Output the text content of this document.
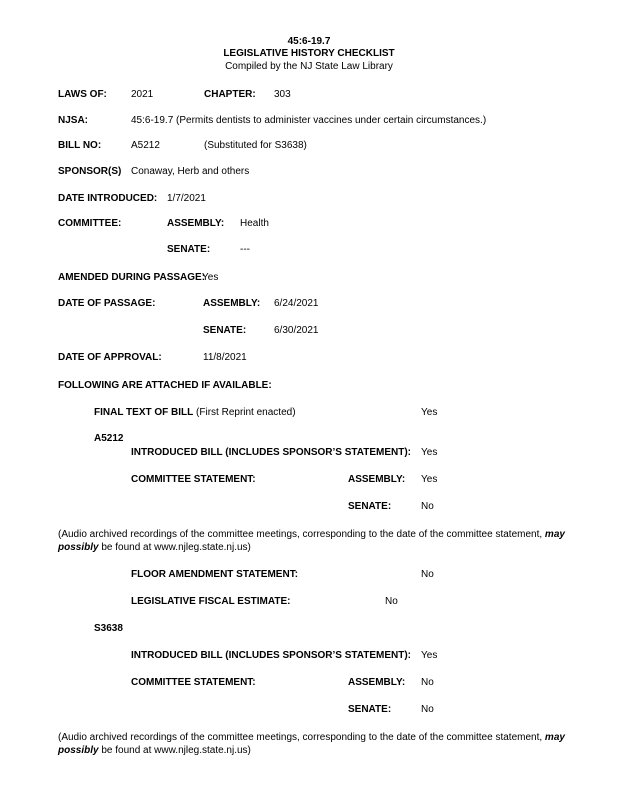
45:6-19.7
LEGISLATIVE HISTORY CHECKLIST
Compiled by the NJ State Law Library
LAWS OF: 2021	CHAPTER: 303
NJSA:	45:6-19.7 (Permits dentists to administer vaccines under certain circumstances.)
BILL NO:	A5212	(Substituted for S3638)
SPONSOR(S) Conaway, Herb and others
DATE INTRODUCED: 1/7/2021
COMMITTEE:	ASSEMBLY: Health
SENATE:	---
AMENDED DURING PASSAGE:
Yes
DATE OF PASSAGE:	ASSEMBLY: 6/24/2021
SENATE:	6/30/2021
DATE OF APPROVAL:	11/8/2021
FOLLOWING ARE ATTACHED IF AVAILABLE:
FINAL TEXT OF BILL (First Reprint enacted)	Yes
A5212
INTRODUCED BILL (INCLUDES SPONSOR’S STATEMENT): Yes
COMMITTEE STATEMENT:	ASSEMBLY: Yes
SENATE:	No
(Audio archived recordings of the committee meetings, corresponding to the date of the committee statement, may possibly be found at www.njleg.state.nj.us)
FLOOR AMENDMENT STATEMENT:	No
LEGISLATIVE FISCAL ESTIMATE:	No
S3638
INTRODUCED BILL (INCLUDES SPONSOR’S STATEMENT): Yes
COMMITTEE STATEMENT:	ASSEMBLY: No
SENATE:	No
(Audio archived recordings of the committee meetings, corresponding to the date of the committee statement, may possibly be found at www.njleg.state.nj.us)
